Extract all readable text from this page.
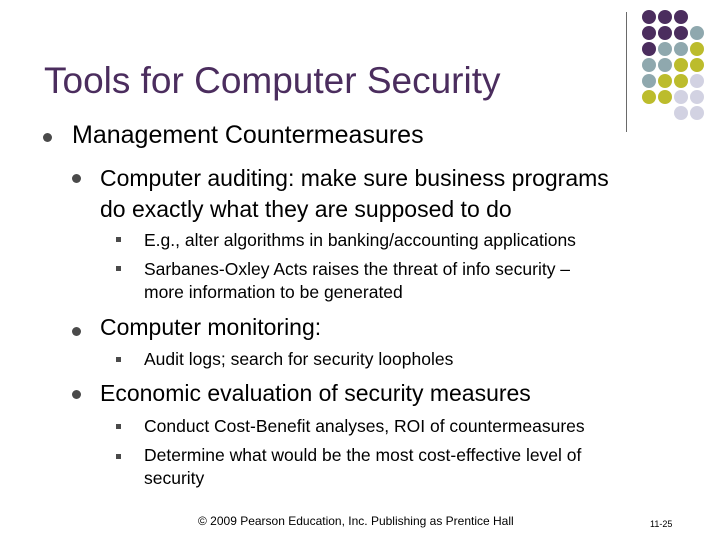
Tools for Computer Security
Management Countermeasures
Computer auditing: make sure business programs
do exactly what they are supposed to do
E.g., alter algorithms in banking/accounting applications
Sarbanes-Oxley Acts raises the threat of info security –
more information to be generated
Computer monitoring:
Audit logs; search for security loopholes
Economic evaluation of security measures
Conduct Cost-Benefit analyses, ROI of countermeasures
Determine what would be the most cost-effective level of
security
© 2009 Pearson Education, Inc. Publishing as Prentice Hall	11-25
